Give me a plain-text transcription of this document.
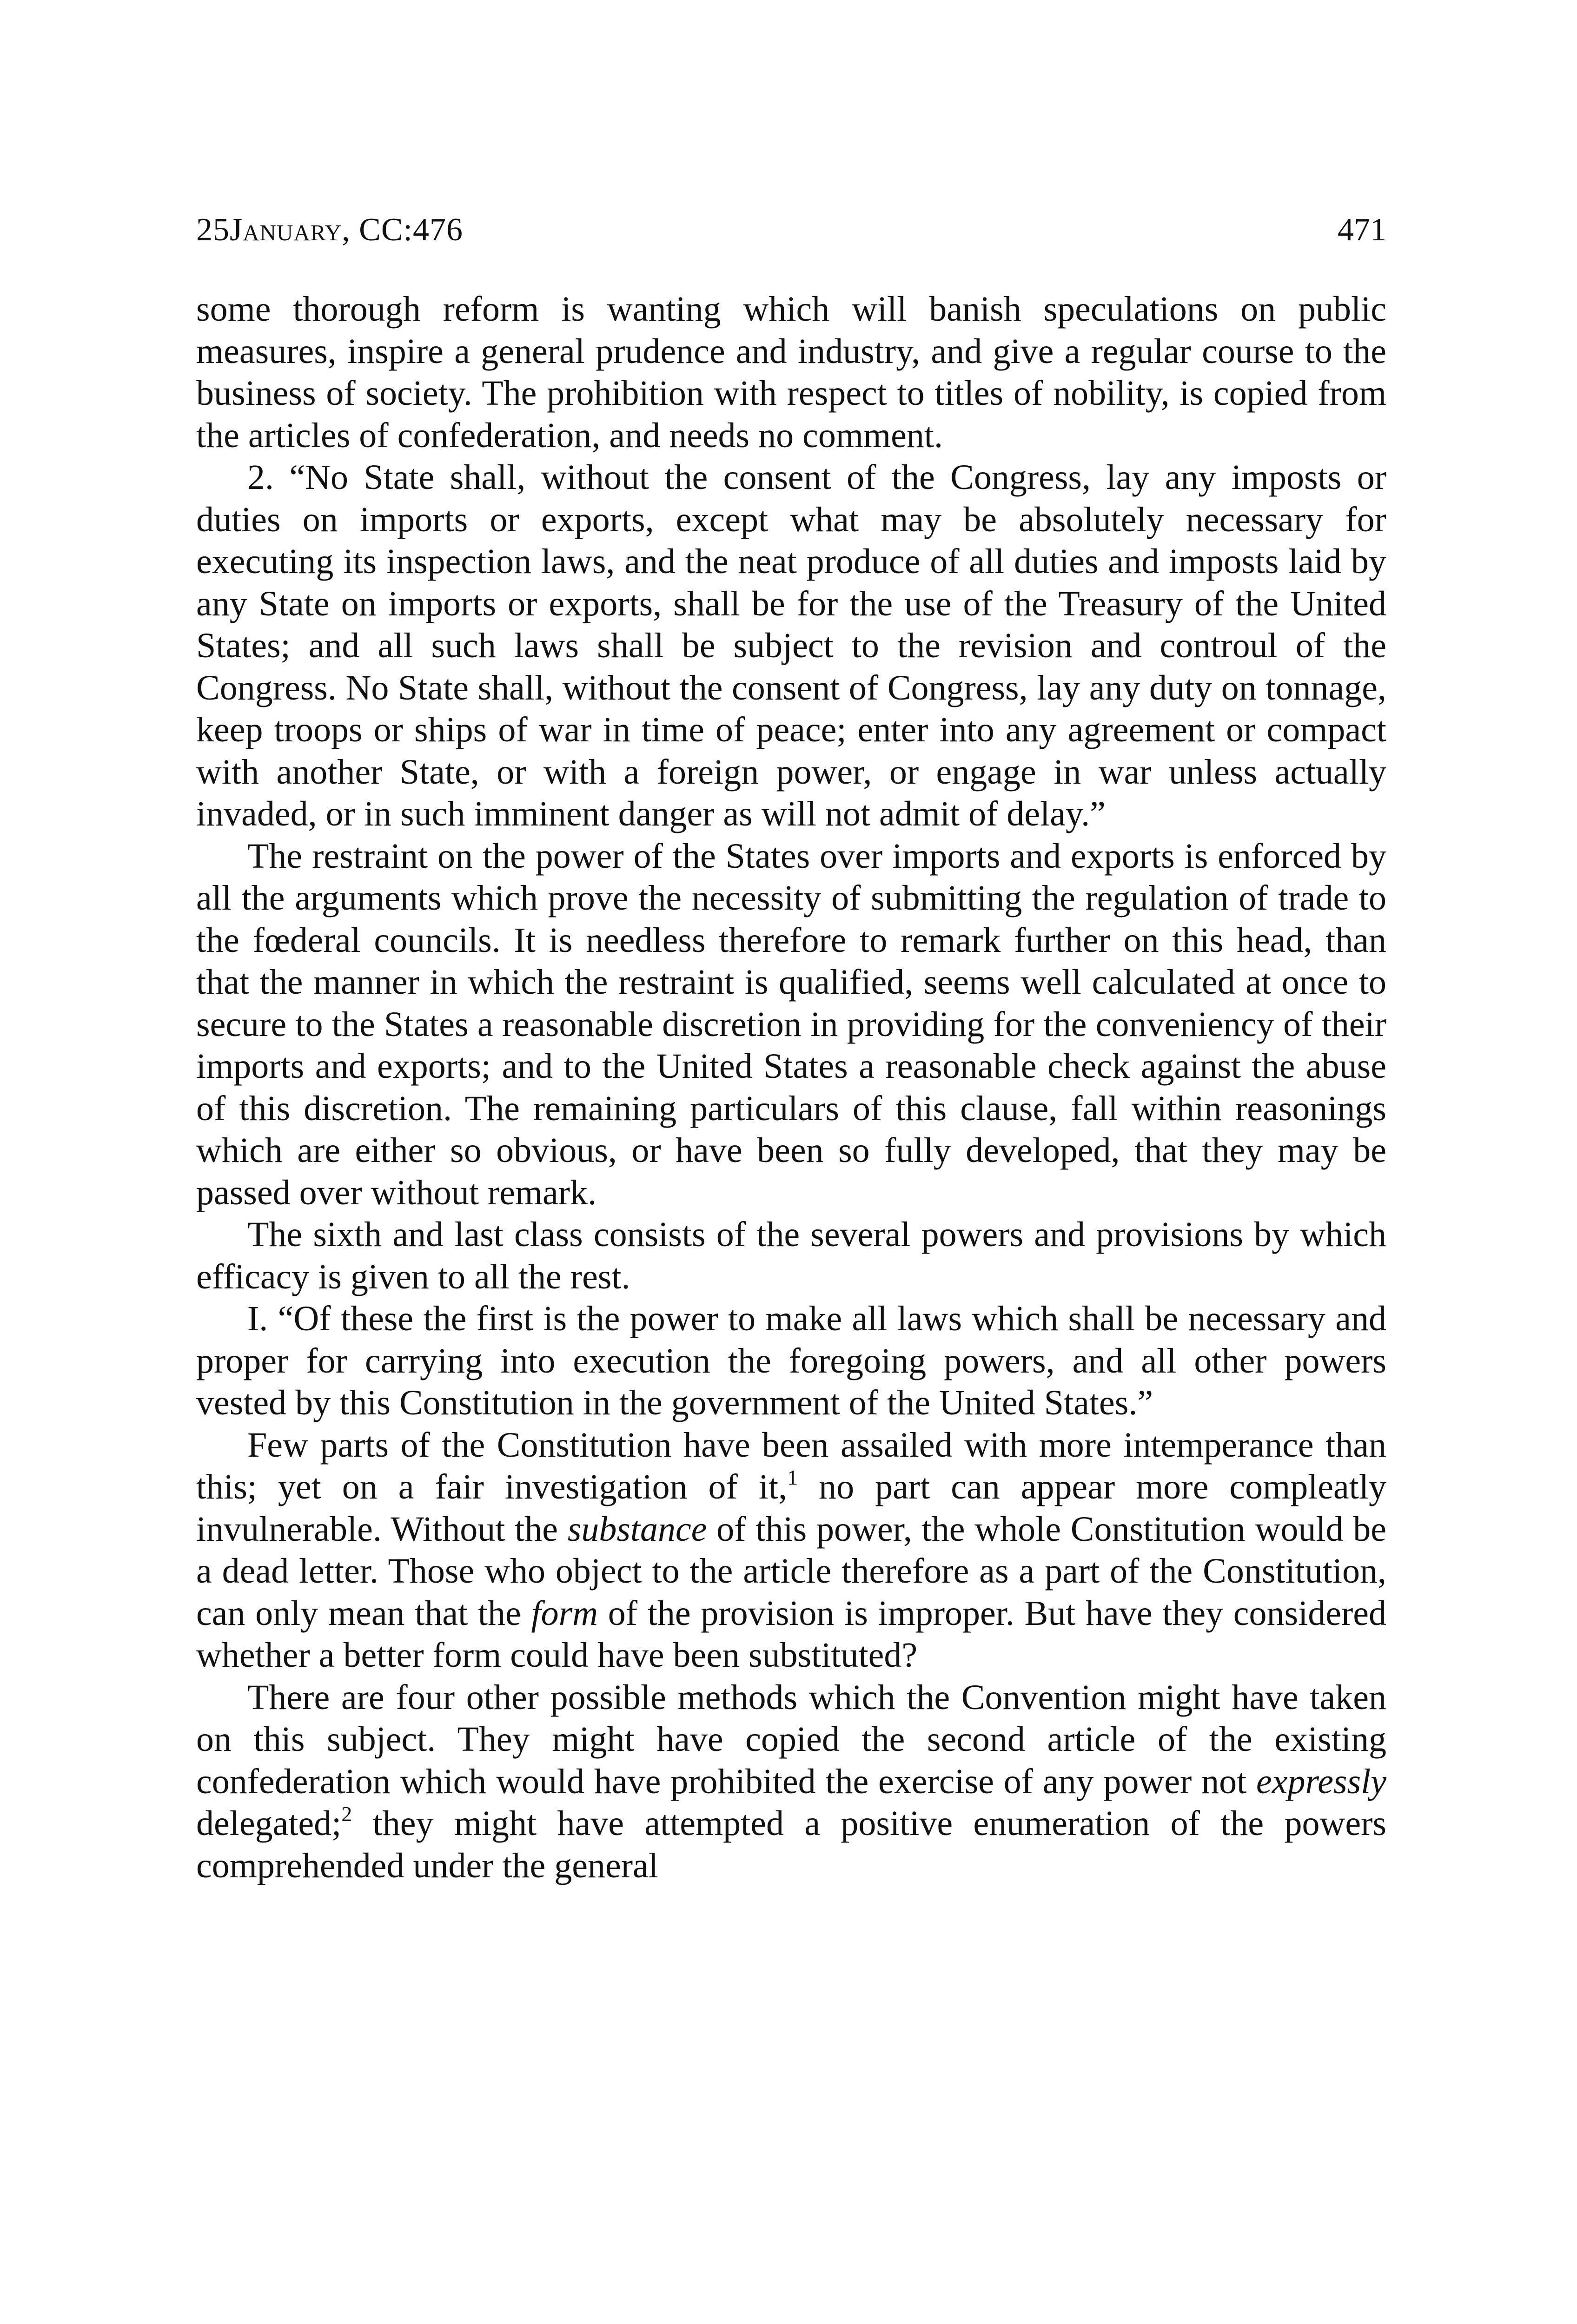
25January, CC:476	471

some thorough reform is wanting which will banish speculations on public measures, inspire a general prudence and industry, and give a regular course to the business of society. The prohibition with respect to titles of nobility, is copied from the articles of confederation, and needs no comment.

2. “No State shall, without the consent of the Congress, lay any imposts or duties on imports or exports, except what may be absolutely necessary for executing its inspection laws, and the neat produce of all duties and imposts laid by any State on imports or exports, shall be for the use of the Treasury of the United States; and all such laws shall be subject to the revision and controul of the Congress. No State shall, without the consent of Congress, lay any duty on tonnage, keep troops or ships of war in time of peace; enter into any agreement or compact with another State, or with a foreign power, or engage in war unless actually invaded, or in such imminent danger as will not admit of delay.”

The restraint on the power of the States over imports and exports is enforced by all the arguments which prove the necessity of submitting the regulation of trade to the fœderal councils. It is needless therefore to remark further on this head, than that the manner in which the restraint is qualified, seems well calculated at once to secure to the States a reasonable discretion in providing for the conveniency of their imports and exports; and to the United States a reasonable check against the abuse of this discretion. The remaining particulars of this clause, fall within reasonings which are either so obvious, or have been so fully developed, that they may be passed over without remark.

The sixth and last class consists of the several powers and provisions by which efficacy is given to all the rest.

I. “Of these the first is the power to make all laws which shall be necessary and proper for carrying into execution the foregoing powers, and all other powers vested by this Constitution in the government of the United States.”

Few parts of the Constitution have been assailed with more intemperance than this; yet on a fair investigation of it,$^1$ no part can appear more compleatly invulnerable. Without the substance of this power, the whole Constitution would be a dead letter. Those who object to the article therefore as a part of the Constitution, can only mean that the form of the provision is improper. But have they considered whether a better form could have been substituted?

There are four other possible methods which the Convention might have taken on this subject. They might have copied the second article of the existing confederation which would have prohibited the exercise of any power not expressly delegated;$^2$ they might have attempted a positive enumeration of the powers comprehended under the general
